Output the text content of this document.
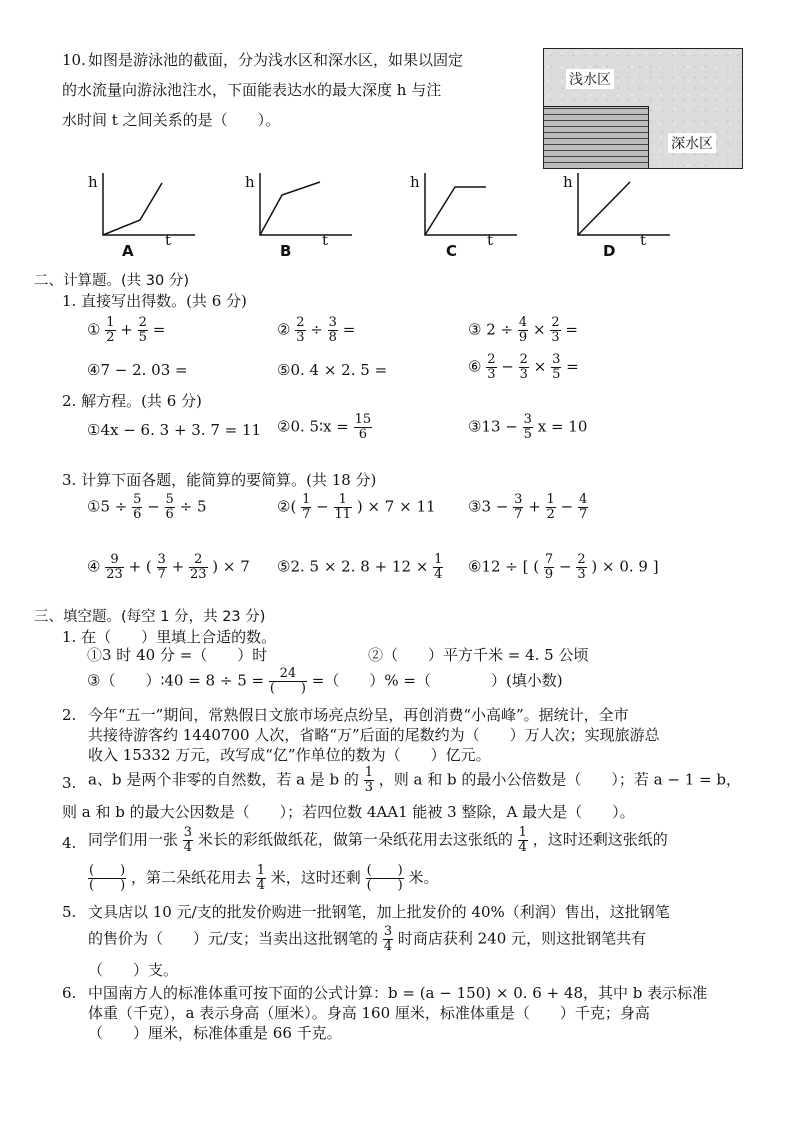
10. 如图是游泳池的截面，分为浅水区和深水区，如果以固定
的水流量向游泳池注水，下面能表达水的最大深度 h 与注
水时间 t 之间关系的是（　　）。
浅水区
深水区
h
t
A
h
t
B
h
t
C
h
t
D
二、计算题。(共 30 分)
1. 直接写出得数。(共 6 分)
① $\frac{1}{2} + \frac{2}{5}$ =	② $\frac{2}{3} \div \frac{3}{8}$ =	③ $2 \div \frac{4}{9} \times \frac{2}{3}$ =
④7 − 2. 03 =	⑤0. 4 × 2. 5 =	⑥ $\frac{2}{3} - \frac{2}{3} \times \frac{3}{5}$ =
2. 解方程。(共 6 分)
①4x − 6. 3 + 3. 7 = 11 ②0. 5∶x = $\frac{15}{6}$	③13 − $\frac{3}{5}$ x = 10
3. 计算下面各题，能简算的要简算。(共 18 分)
①5 ÷ $\frac{5}{6} - \frac{5}{6} \div 5$	②( $\frac{1}{7} - \frac{1}{11}$ ) × 7 × 11 ③3 − $\frac{3}{7} + \frac{1}{2} - \frac{4}{7}$
④ $\frac{9}{23}$ + ( $\frac{3}{7} + \frac{2}{23}$ ) × 7 ⑤2. 5 × 2. $8 + 12 \times \frac{1}{4}$ ⑥12 ÷ [ ( $\frac{7}{9} - \frac{2}{3}$ ) × 0. 9 ]
三、填空题。(每空 1 分，共 23 分)
1. 在（　　）里填上合适的数。
①3 时 40 分 =（　　）时	②（　　）平方千米 = 4. 5 公顷
③（　　）∶40 = $8 \div 5 = \frac{24}{( )}$ =（　　）% =（　　　　）(填小数)
2. 今年“五一”期间，常熟假日文旅市场亮点纷呈，再创消费“小高峰”。据统计，全市
共接待游客约 1440700 人次，省略“万”后面的尾数约为（　　）万人次；实现旅游总
收入 15332 万元，改写成“亿”作单位的数为（　　）亿元。
3. a、b 是两个非零的自然数，若 a 是 b 的 $\frac{1}{3}$ ，则 a 和 b 的最小公倍数是（　　）；若 a − 1 = b，
则 a 和 b 的最大公因数是（　　）；若四位数 4AA1 能被 3 整除，A 最大是（　　）。
4. 同学们用一张 $\frac{3}{4}$ 米长的彩纸做纸花，做第一朵纸花用去这张纸的 $\frac{1}{4}$ ，这时还剩这张纸的
$\frac{( )}{( )}$ ，第二朵纸花用去 $\frac{1}{4}$ 米，这时还剩 $\frac{( )}{( )}$ 米。
5. 文具店以 10 元/支的批发价购进一批钢笔，加上批发价的 40%（利润）售出，这批钢笔
的售价为（　　）元/支；当卖出这批钢笔的 $\frac{3}{4}$ 时商店获利 240 元，则这批钢笔共有
（　　）支。
6. 中国南方人的标准体重可按下面的公式计算：b = (a − 150) × 0. 6 + 48，其中 b 表示标准
体重（千克），a 表示身高（厘米）。身高 160 厘米，标准体重是（　　）千克；身高
（　　）厘米，标准体重是 66 千克。
